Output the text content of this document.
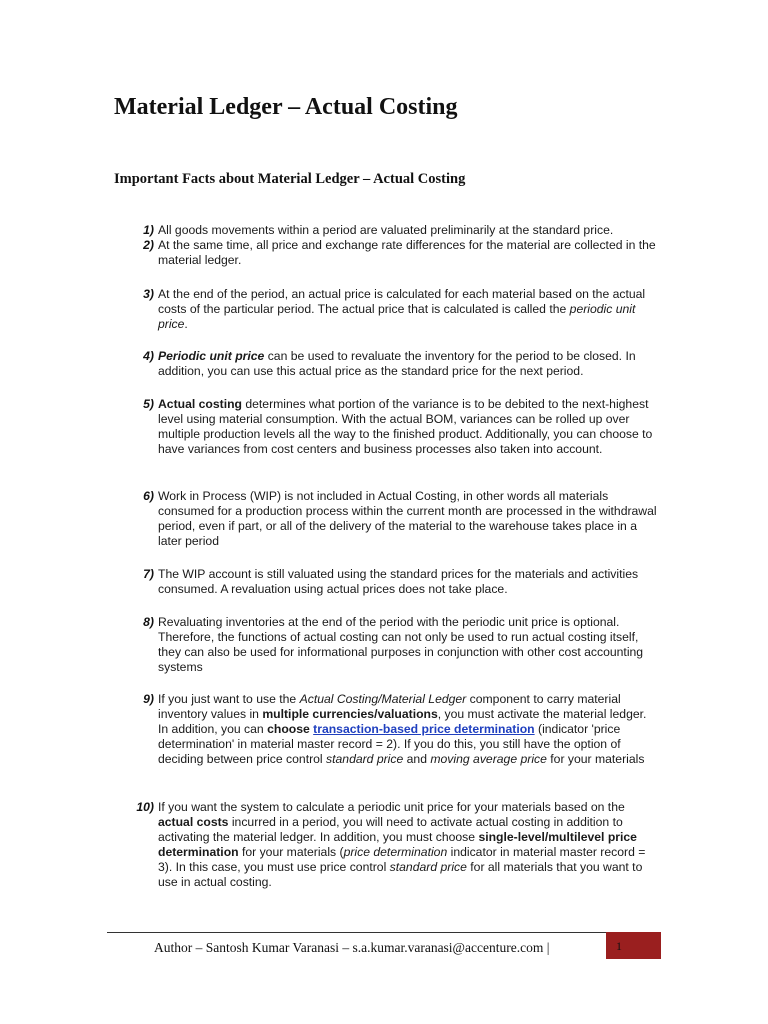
Material Ledger – Actual Costing
Important Facts about Material Ledger – Actual Costing
1) All goods movements within a period are valuated preliminarily at the standard price.
2) At the same time, all price and exchange rate differences for the material are collected in the material ledger.
3) At the end of the period, an actual price is calculated for each material based on the actual costs of the particular period. The actual price that is calculated is called the periodic unit price.
4) Periodic unit price can be used to revaluate the inventory for the period to be closed. In addition, you can use this actual price as the standard price for the next period.
5) Actual costing determines what portion of the variance is to be debited to the next-highest level using material consumption. With the actual BOM, variances can be rolled up over multiple production levels all the way to the finished product. Additionally, you can choose to have variances from cost centers and business processes also taken into account.
6) Work in Process (WIP) is not included in Actual Costing, in other words all materials consumed for a production process within the current month are processed in the withdrawal period, even if part, or all of the delivery of the material to the warehouse takes place in a later period
7) The WIP account is still valuated using the standard prices for the materials and activities consumed. A revaluation using actual prices does not take place.
8) Revaluating inventories at the end of the period with the periodic unit price is optional. Therefore, the functions of actual costing can not only be used to run actual costing itself, they can also be used for informational purposes in conjunction with other cost accounting systems
9) If you just want to use the Actual Costing/Material Ledger component to carry material inventory values in multiple currencies/valuations, you must activate the material ledger. In addition, you can choose transaction-based price determination (indicator 'price determination' in material master record = 2). If you do this, you still have the option of deciding between price control standard price and moving average price for your materials
10) If you want the system to calculate a periodic unit price for your materials based on the actual costs incurred in a period, you will need to activate actual costing in addition to activating the material ledger. In addition, you must choose single-level/multilevel price determination for your materials (price determination indicator in material master record = 3). In this case, you must use price control standard price for all materials that you want to use in actual costing.
Author – Santosh Kumar Varanasi – s.a.kumar.varanasi@accenture.com |	1
